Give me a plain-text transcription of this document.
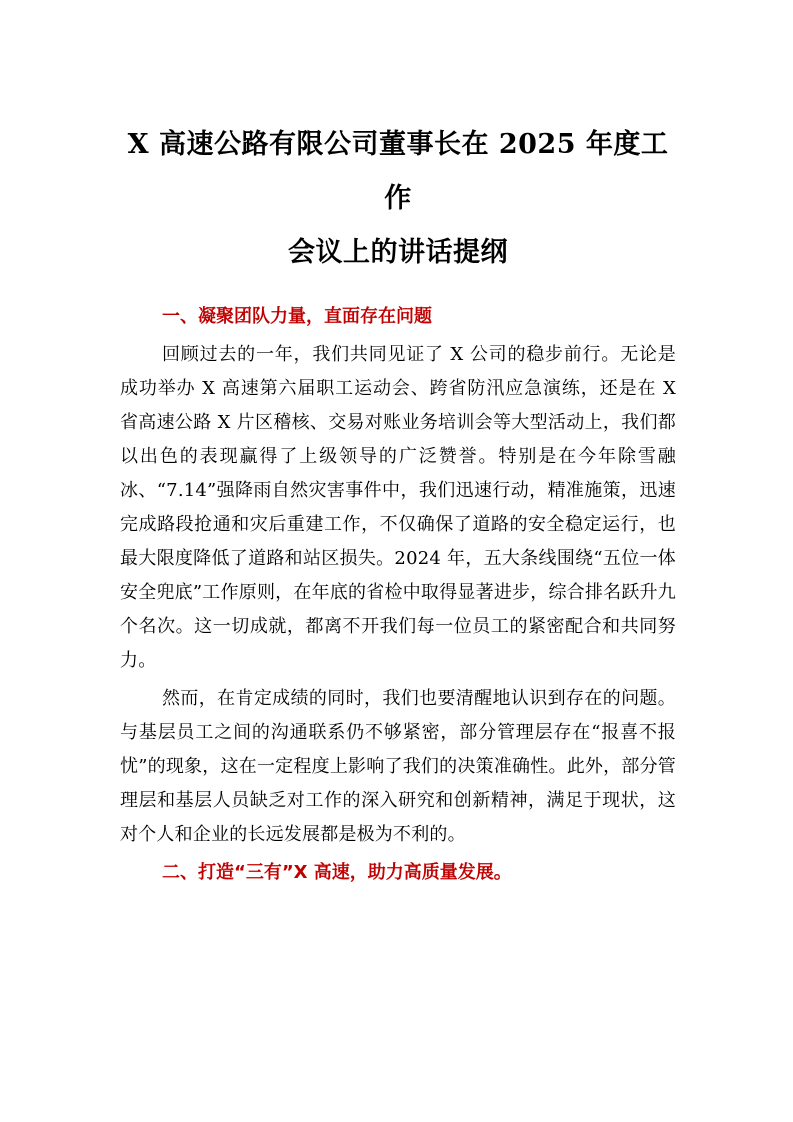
X 高速公路有限公司董事长在 2025 年度工作
会议上的讲话提纲
一、凝聚团队力量，直面存在问题

回顾过去的一年，我们共同见证了 X 公司的稳步前行。无论是成功举办 X 高速第六届职工运动会、跨省防汛应急演练，还是在 X 省高速公路 X 片区稽核、交易对账业务培训会等大型活动上，我们都以出色的表现赢得了上级领导的广泛赞誉。特别是在今年除雪融冰、“7.14”强降雨自然灾害事件中，我们迅速行动，精准施策，迅速完成路段抢通和灾后重建工作，不仅确保了道路的安全稳定运行，也最大限度降低了道路和站区损失。2024 年，五大条线围绕“五位一体安全兜底”工作原则，在年底的省检中取得显著进步，综合排名跃升九个名次。这一切成就，都离不开我们每一位员工的紧密配合和共同努力。

然而，在肯定成绩的同时，我们也要清醒地认识到存在的问题。与基层员工之间的沟通联系仍不够紧密，部分管理层存在“报喜不报忧”的现象，这在一定程度上影响了我们的决策准确性。此外，部分管理层和基层人员缺乏对工作的深入研究和创新精神，满足于现状，这对个人和企业的长远发展都是极为不利的。

二、打造“三有”X 高速，助力高质量发展。
